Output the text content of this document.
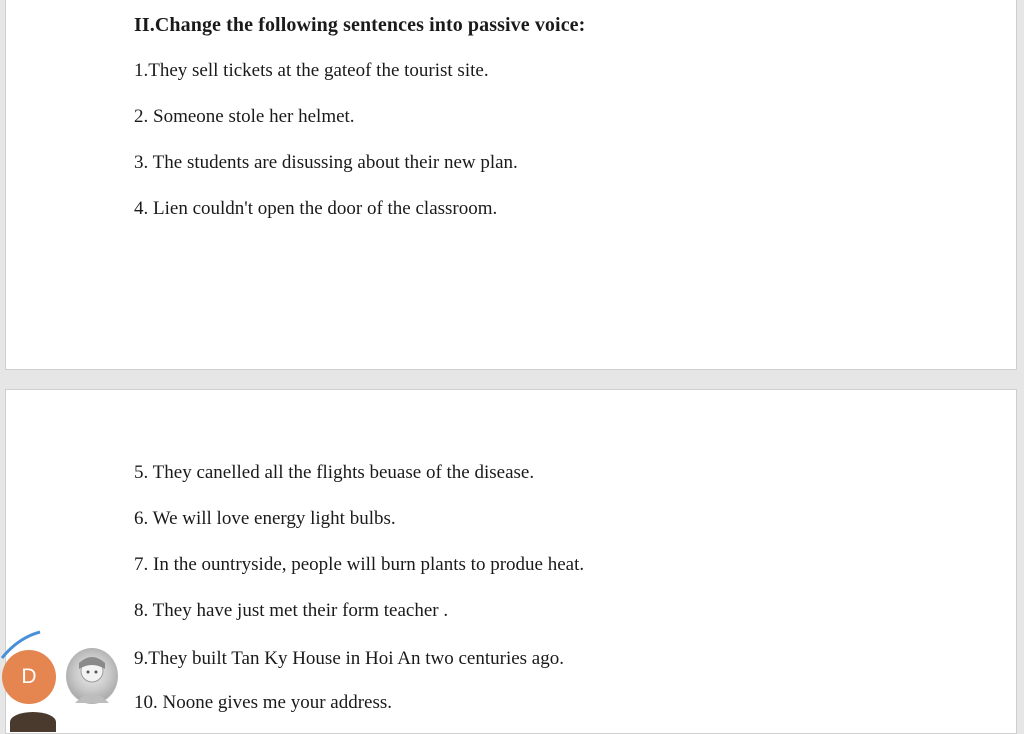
II.Change the following sentences into passive voice:
1.They sell tickets at the gateof the tourist site.
2. Someone stole her helmet.
3. The students are disussing about their new plan.
4. Lien couldn't open the door of the classroom.
5. They canelled all the flights beuase of the disease.
6. We will love energy light bulbs.
7. In the ountryside, people will burn plants to produe heat.
8. They have just met their form teacher .
9.They built Tan Ky House in Hoi An two centuries ago.
10. Noone gives me your address.
D
